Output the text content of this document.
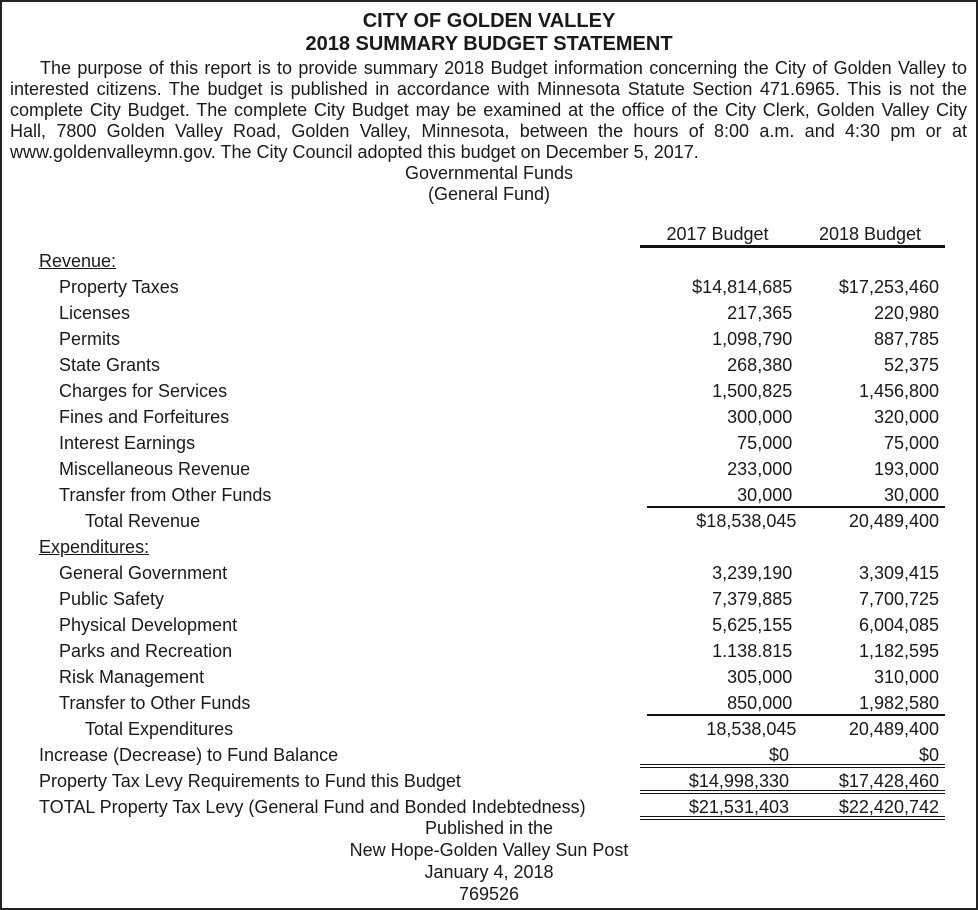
CITY OF GOLDEN VALLEY
2018 SUMMARY BUDGET STATEMENT
The purpose of this report is to provide summary 2018 Budget information concerning the City of Golden Valley to interested citizens. The budget is published in accordance with Minnesota Statute Section 471.6965. This is not the complete City Budget. The complete City Budget may be examined at the office of the City Clerk, Golden Valley City Hall, 7800 Golden Valley Road, Golden Valley, Minnesota, between the hours of 8:00 a.m. and 4:30 pm or at www.goldenvalleymn.gov. The City Council adopted this budget on December 5, 2017.
Governmental Funds
(General Fund)
2017 Budget	2018 Budget
Revenue:
Property Taxes	$14,814,685	$17,253,460
Licenses	217,365	220,980
Permits	1,098,790	887,785
State Grants	268,380	52,375
Charges for Services	1,500,825	1,456,800
Fines and Forfeitures	300,000	320,000
Interest Earnings	75,000	75,000
Miscellaneous Revenue	233,000	193,000
Transfer from Other Funds	30,000	30,000
Total Revenue	$18,538,045	20,489,400
Expenditures:
General Government	3,239,190	3,309,415
Public Safety	7,379,885	7,700,725
Physical Development	5,625,155	6,004,085
Parks and Recreation	1.138.815	1,182,595
Risk Management	305,000	310,000
Transfer to Other Funds	850,000	1,982,580
Total Expenditures	18,538,045	20,489,400
Increase (Decrease) to Fund Balance	$0	$0
Property Tax Levy Requirements to Fund this Budget	$14,998,330	$17,428,460
TOTAL Property Tax Levy (General Fund and Bonded Indebtedness)	$21,531,403	$22,420,742
Published in the
New Hope-Golden Valley Sun Post
January 4, 2018
769526
